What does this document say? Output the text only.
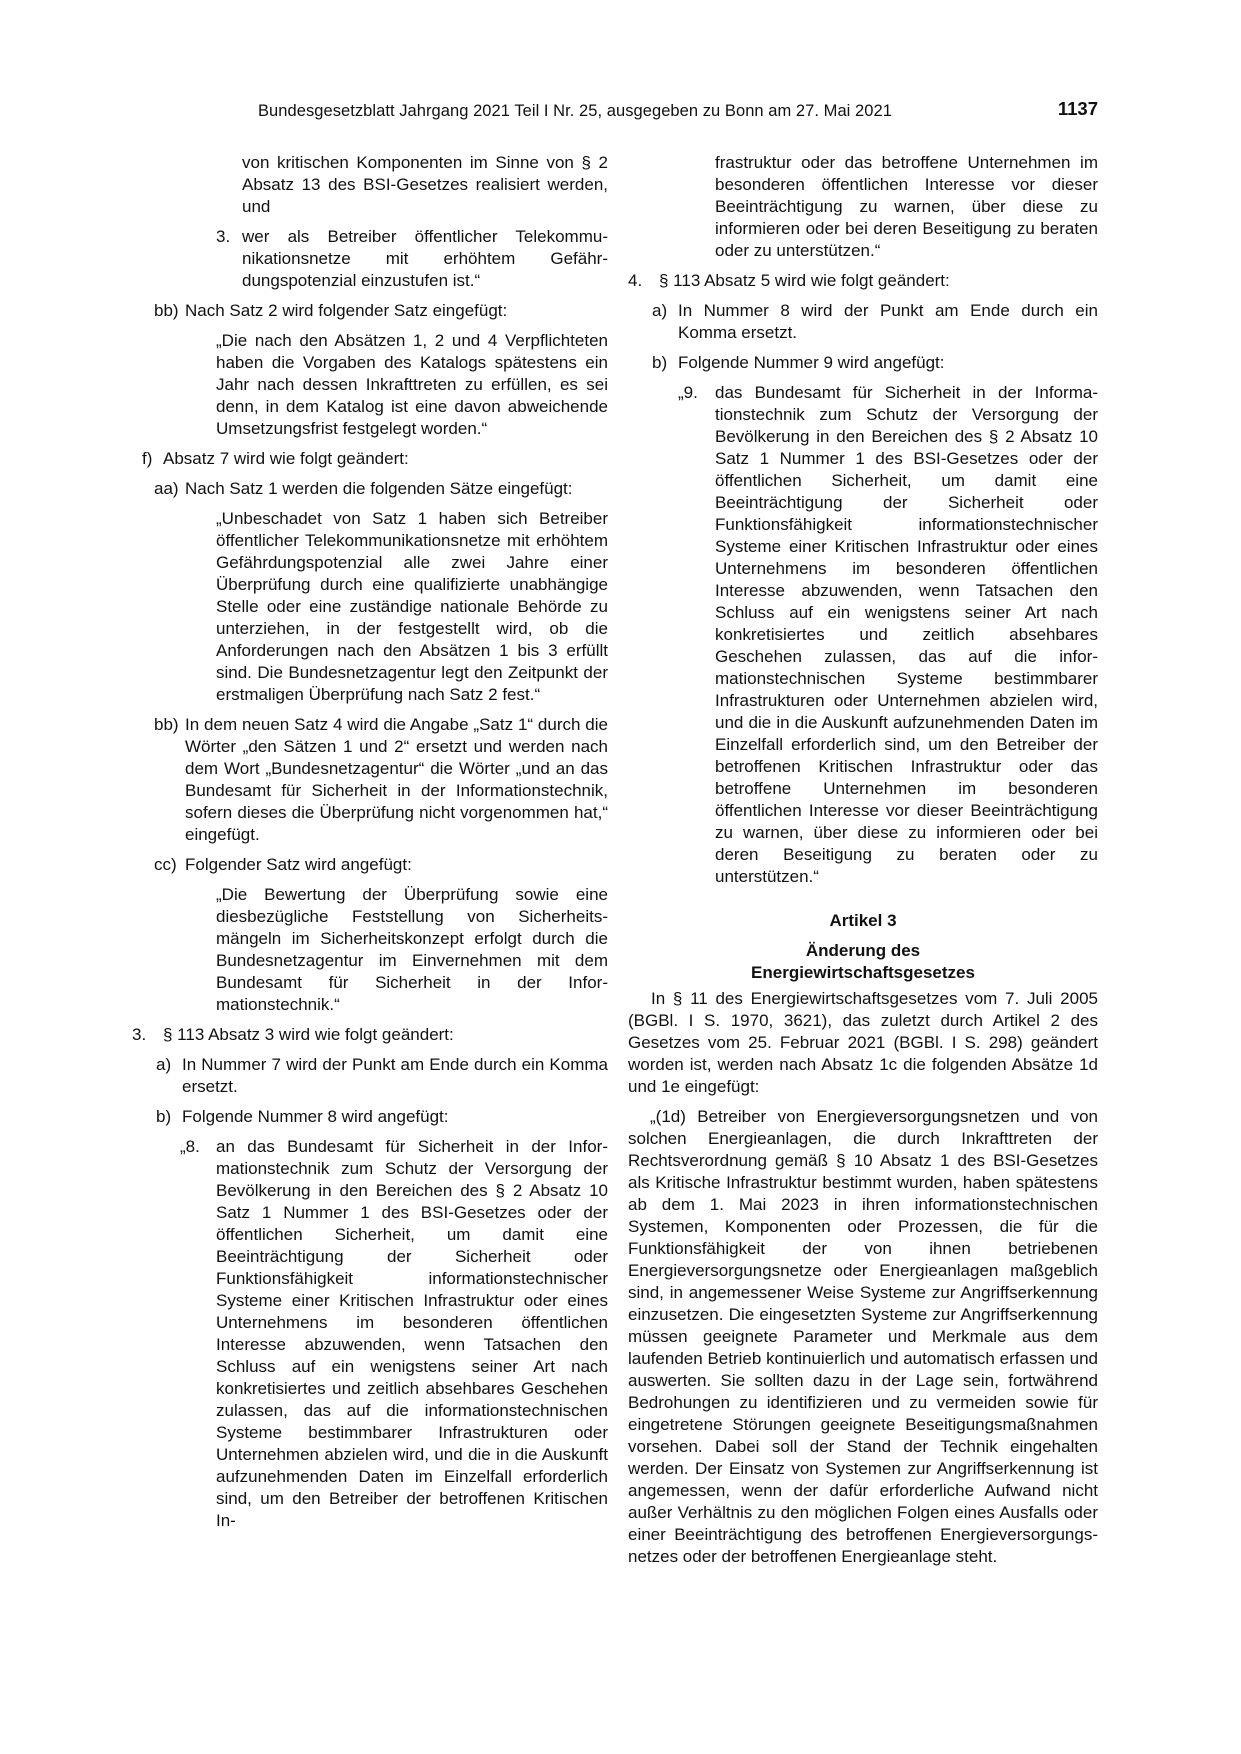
Bundesgesetzblatt Jahrgang 2021 Teil I Nr. 25, ausgegeben zu Bonn am 27. Mai 2021	1137

von kritischen Komponenten im Sinne von § 2 Absatz 13 des BSI-Gesetzes realisiert werden, und

3. wer als Betreiber öffentlicher Telekommunikationsnetze mit erhöhtem Gefährdungspotenzial einzustufen ist.“

bb) Nach Satz 2 wird folgender Satz eingefügt:

„Die nach den Absätzen 1, 2 und 4 Verpflichteten haben die Vorgaben des Katalogs spätestens ein Jahr nach dessen Inkrafttreten zu erfüllen, es sei denn, in dem Katalog ist eine davon abweichende Umsetzungsfrist festgelegt worden.“

f) Absatz 7 wird wie folgt geändert:

aa) Nach Satz 1 werden die folgenden Sätze eingefügt:

„Unbeschadet von Satz 1 haben sich Betreiber öffentlicher Telekommunikationsnetze mit erhöhtem Gefährdungspotenzial alle zwei Jahre einer Überprüfung durch eine qualifizierte unabhängige Stelle oder eine zuständige nationale Behörde zu unterziehen, in der festgestellt wird, ob die Anforderungen nach den Absätzen 1 bis 3 erfüllt sind. Die Bundesnetzagentur legt den Zeitpunkt der erstmaligen Überprüfung nach Satz 2 fest.“

bb) In dem neuen Satz 4 wird die Angabe „Satz 1“ durch die Wörter „den Sätzen 1 und 2“ ersetzt und werden nach dem Wort „Bundesnetzagentur“ die Wörter „und an das Bundesamt für Sicherheit in der Informationstechnik, sofern dieses die Überprüfung nicht vorgenommen hat,“ eingefügt.

cc) Folgender Satz wird angefügt:

„Die Bewertung der Überprüfung sowie eine diesbezügliche Feststellung von Sicherheitsmängeln im Sicherheitskonzept erfolgt durch die Bundesnetzagentur im Einvernehmen mit dem Bundesamt für Sicherheit in der Informationstechnik.“

3. § 113 Absatz 3 wird wie folgt geändert:

a) In Nummer 7 wird der Punkt am Ende durch ein Komma ersetzt.

b) Folgende Nummer 8 wird angefügt:

„8. an das Bundesamt für Sicherheit in der Informationstechnik zum Schutz der Versorgung der Bevölkerung in den Bereichen des § 2 Absatz 10 Satz 1 Nummer 1 des BSI-Gesetzes oder der öffentlichen Sicherheit, um damit eine Beeinträchtigung der Sicherheit oder Funktionsfähigkeit informationstechnischer Systeme einer Kritischen Infrastruktur oder eines Unternehmens im besonderen öffentlichen Interesse abzuwenden, wenn Tatsachen den Schluss auf ein wenigstens seiner Art nach konkretisiertes und zeitlich absehbares Geschehen zulassen, das auf die informationstechnischen Systeme bestimmbarer Infrastrukturen oder Unternehmen abzielen wird, und die in die Auskunft aufzunehmenden Daten im Einzelfall erforderlich sind, um den Betreiber der betroffenen Kritischen In-

frastruktur oder das betroffene Unternehmen im besonderen öffentlichen Interesse vor dieser Beeinträchtigung zu warnen, über diese zu informieren oder bei deren Beseitigung zu beraten oder zu unterstützen.“

4. § 113 Absatz 5 wird wie folgt geändert:

a) In Nummer 8 wird der Punkt am Ende durch ein Komma ersetzt.

b) Folgende Nummer 9 wird angefügt:

„9. das Bundesamt für Sicherheit in der Informationstechnik zum Schutz der Versorgung der Bevölkerung in den Bereichen des § 2 Absatz 10 Satz 1 Nummer 1 des BSI-Gesetzes oder der öffentlichen Sicherheit, um damit eine Beeinträchtigung der Sicherheit oder Funktionsfähigkeit informationstechnischer Systeme einer Kritischen Infrastruktur oder eines Unternehmens im besonderen öffentlichen Interesse abzuwenden, wenn Tatsachen den Schluss auf ein wenigstens seiner Art nach konkretisiertes und zeitlich absehbares Geschehen zulassen, das auf die informationstechnischen Systeme bestimmbarer Infrastrukturen oder Unternehmen abzielen wird, und die in die Auskunft aufzunehmenden Daten im Einzelfall erforderlich sind, um den Betreiber der betroffenen Kritischen Infrastruktur oder das betroffene Unternehmen im besonderen öffentlichen Interesse vor dieser Beeinträchtigung zu warnen, über diese zu informieren oder bei deren Beseitigung zu beraten oder zu unterstützen.“

Artikel 3

Änderung des

Energiewirtschaftsgesetzes

In § 11 des Energiewirtschaftsgesetzes vom 7. Juli 2005 (BGBl. I S. 1970, 3621), das zuletzt durch Artikel 2 des Gesetzes vom 25. Februar 2021 (BGBl. I S. 298) geändert worden ist, werden nach Absatz 1c die folgenden Absätze 1d und 1e eingefügt:

„(1d) Betreiber von Energieversorgungsnetzen und von solchen Energieanlagen, die durch Inkrafttreten der Rechtsverordnung gemäß § 10 Absatz 1 des BSI-Gesetzes als Kritische Infrastruktur bestimmt wurden, haben spätestens ab dem 1. Mai 2023 in ihren informationstechnischen Systemen, Komponenten oder Prozessen, die für die Funktionsfähigkeit der von ihnen betriebenen Energieversorgungsnetze oder Energieanlagen maßgeblich sind, in angemessener Weise Systeme zur Angriffserkennung einzusetzen. Die eingesetzten Systeme zur Angriffserkennung müssen geeignete Parameter und Merkmale aus dem laufenden Betrieb kontinuierlich und automatisch erfassen und auswerten. Sie sollten dazu in der Lage sein, fortwährend Bedrohungen zu identifizieren und zu vermeiden sowie für eingetretene Störungen geeignete Beseitigungsmaßnahmen vorsehen. Dabei soll der Stand der Technik eingehalten werden. Der Einsatz von Systemen zur Angriffserkennung ist angemessen, wenn der dafür erforderliche Aufwand nicht außer Verhältnis zu den möglichen Folgen eines Ausfalls oder einer Beeinträchtigung des betroffenen Energieversorgungsnetzes oder der betroffenen Energieanlage steht.
